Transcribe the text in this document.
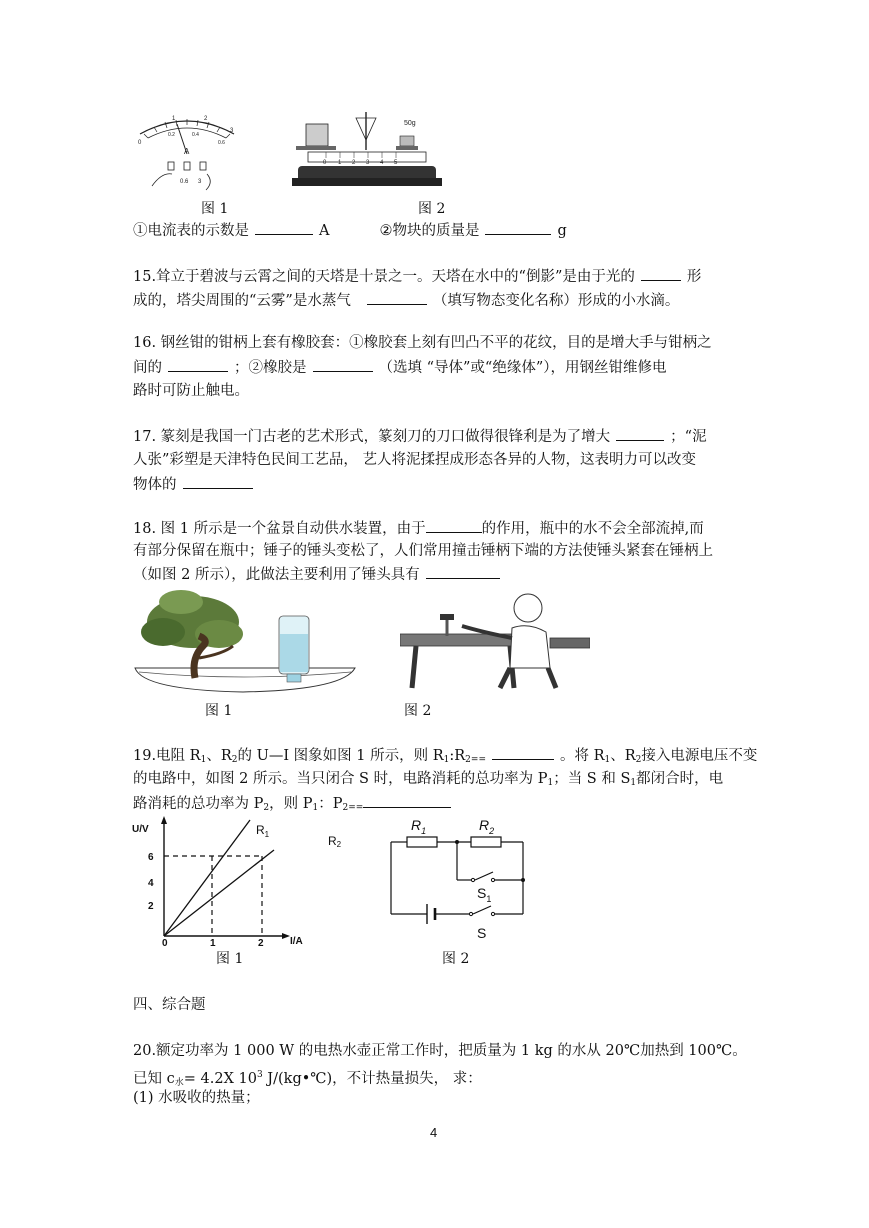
0
1	2
3
0.2	0.4
0.6
A
0.6 3
50g
0 1 2 3 4 5
图 1	图 2
①电流表的示数是	A	②物块的质量是	g
15.耸立于碧波与云霄之间的天塔是十景之一。天塔在水中的“倒影”是由于光的	形
成的，塔尖周围的“云雾”是水蒸气	（填写物态变化名称）形成的小水滴。
16. 钢丝钳的钳柄上套有橡胶套：①橡胶套上刻有凹凸不平的花纹，目的是增大手与钳柄之
间的	；②橡胶是	（选填 “导体”或“绝缘体”），用钢丝钳维修电
路时可防止触电。
17. 篆刻是我国一门古老的艺术形式，篆刻刀的刀口做得很锋利是为了增大	；“泥
人张”彩塑是天津特色民间工艺品， 艺人将泥揉捏成形态各异的人物，这表明力可以改变
物体的
18. 图 1 所示是一个盆景自动供水装置，由于	的作用，瓶中的水不会全部流掉,而
有部分保留在瓶中；锤子的锤头变松了，人们常用撞击锤柄下端的方法使锤头紧套在锤柄上
（如图 2 所示），此做法主要利用了锤头具有
图 1	图 2
19.电阻 $R_1$、$R_2$的 U—I 图象如图 1 所示，则 $R_1:R_{2==}$	。将 $R_1$、$R_2$接入电源电压不变
的电路中，如图 2 所示。当只闭合 S 时，电路消耗的总功率为 $P_1$；当 S 和 $S_1$都闭合时，电
路消耗的总功率为 $P_2$，则 $P_1$：$P_{2==}$
U/V
6
4
2
0	1	2	I/A
$R_1$	R2
$R_1$	$R_2$
$S_1$
S
图 1	图 2
四、综合题
20.额定功率为 1 000 W 的电热水壶正常工作时，把质量为 1 kg 的水从 20℃加热到 100℃。
已知 $c_水= 4.2X$ $10^3$ J/(kg•℃)，不计热量损失， 求：
(1) 水吸收的热量；
4
